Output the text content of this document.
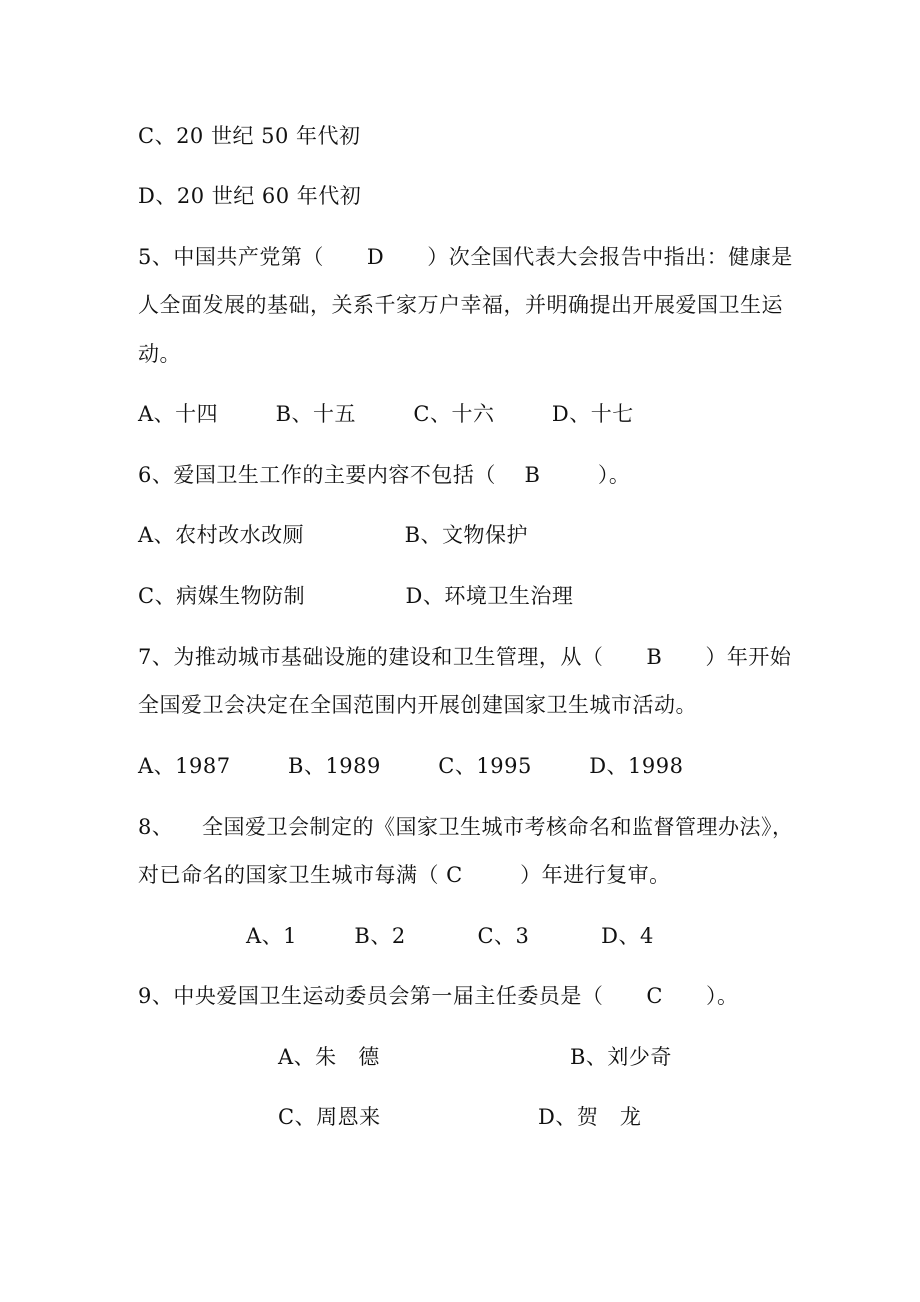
C、20 世纪 50 年代初
D、20 世纪 60 年代初
5、中国共产党第（      D      ）次全国代表大会报告中指出：健康是
人全面发展的基础，关系千家万户幸福，并明确提出开展爱国卫生运
动。
A、十四        B、十五        C、十六        D、十七
6、爱国卫生工作的主要内容不包括（    B        ）。
A、农村改水改厕              B、文物保护
C、病媒生物防制              D、环境卫生治理
7、为推动城市基础设施的建设和卫生管理，从（      B      ）年开始
全国爱卫会决定在全国范围内开展创建国家卫生城市活动。
A、1987        B、1989        C、1995        D、1998
8、    全国爱卫会制定的《国家卫生城市考核命名和监督管理办法》，
对已命名的国家卫生城市每满（ C        ）年进行复审。
A、1        B、2          C、3          D、4
9、中央爱国卫生运动委员会第一届主任委员是（      C      ）。
A、朱   德	B、刘少奇
C、周恩来	D、贺   龙
